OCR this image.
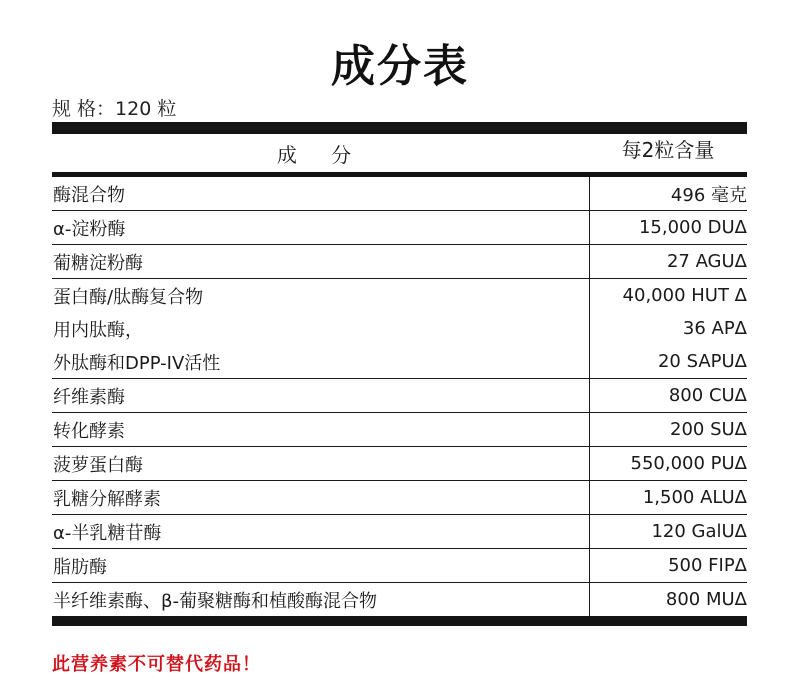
成分表
规 格：120 粒
成 分	每2粒含量
酶混合物	496 毫克
α-淀粉酶	15,000 DUΔ
葡糖淀粉酶	27 AGUΔ
蛋白酶/肽酶复合物	40,000 HUT Δ
用内肽酶，	36 APΔ
外肽酶和DPP-IV活性	20 SAPUΔ
纤维素酶	800 CUΔ
转化酵素	200 SUΔ
菠萝蛋白酶	550,000 PUΔ
乳糖分解酵素	1,500 ALUΔ
α-半乳糖苷酶	120 GalUΔ
脂肪酶	500 FIPΔ
半纤维素酶、β-葡聚糖酶和植酸酶混合物	800 MUΔ
此营养素不可替代药品！
